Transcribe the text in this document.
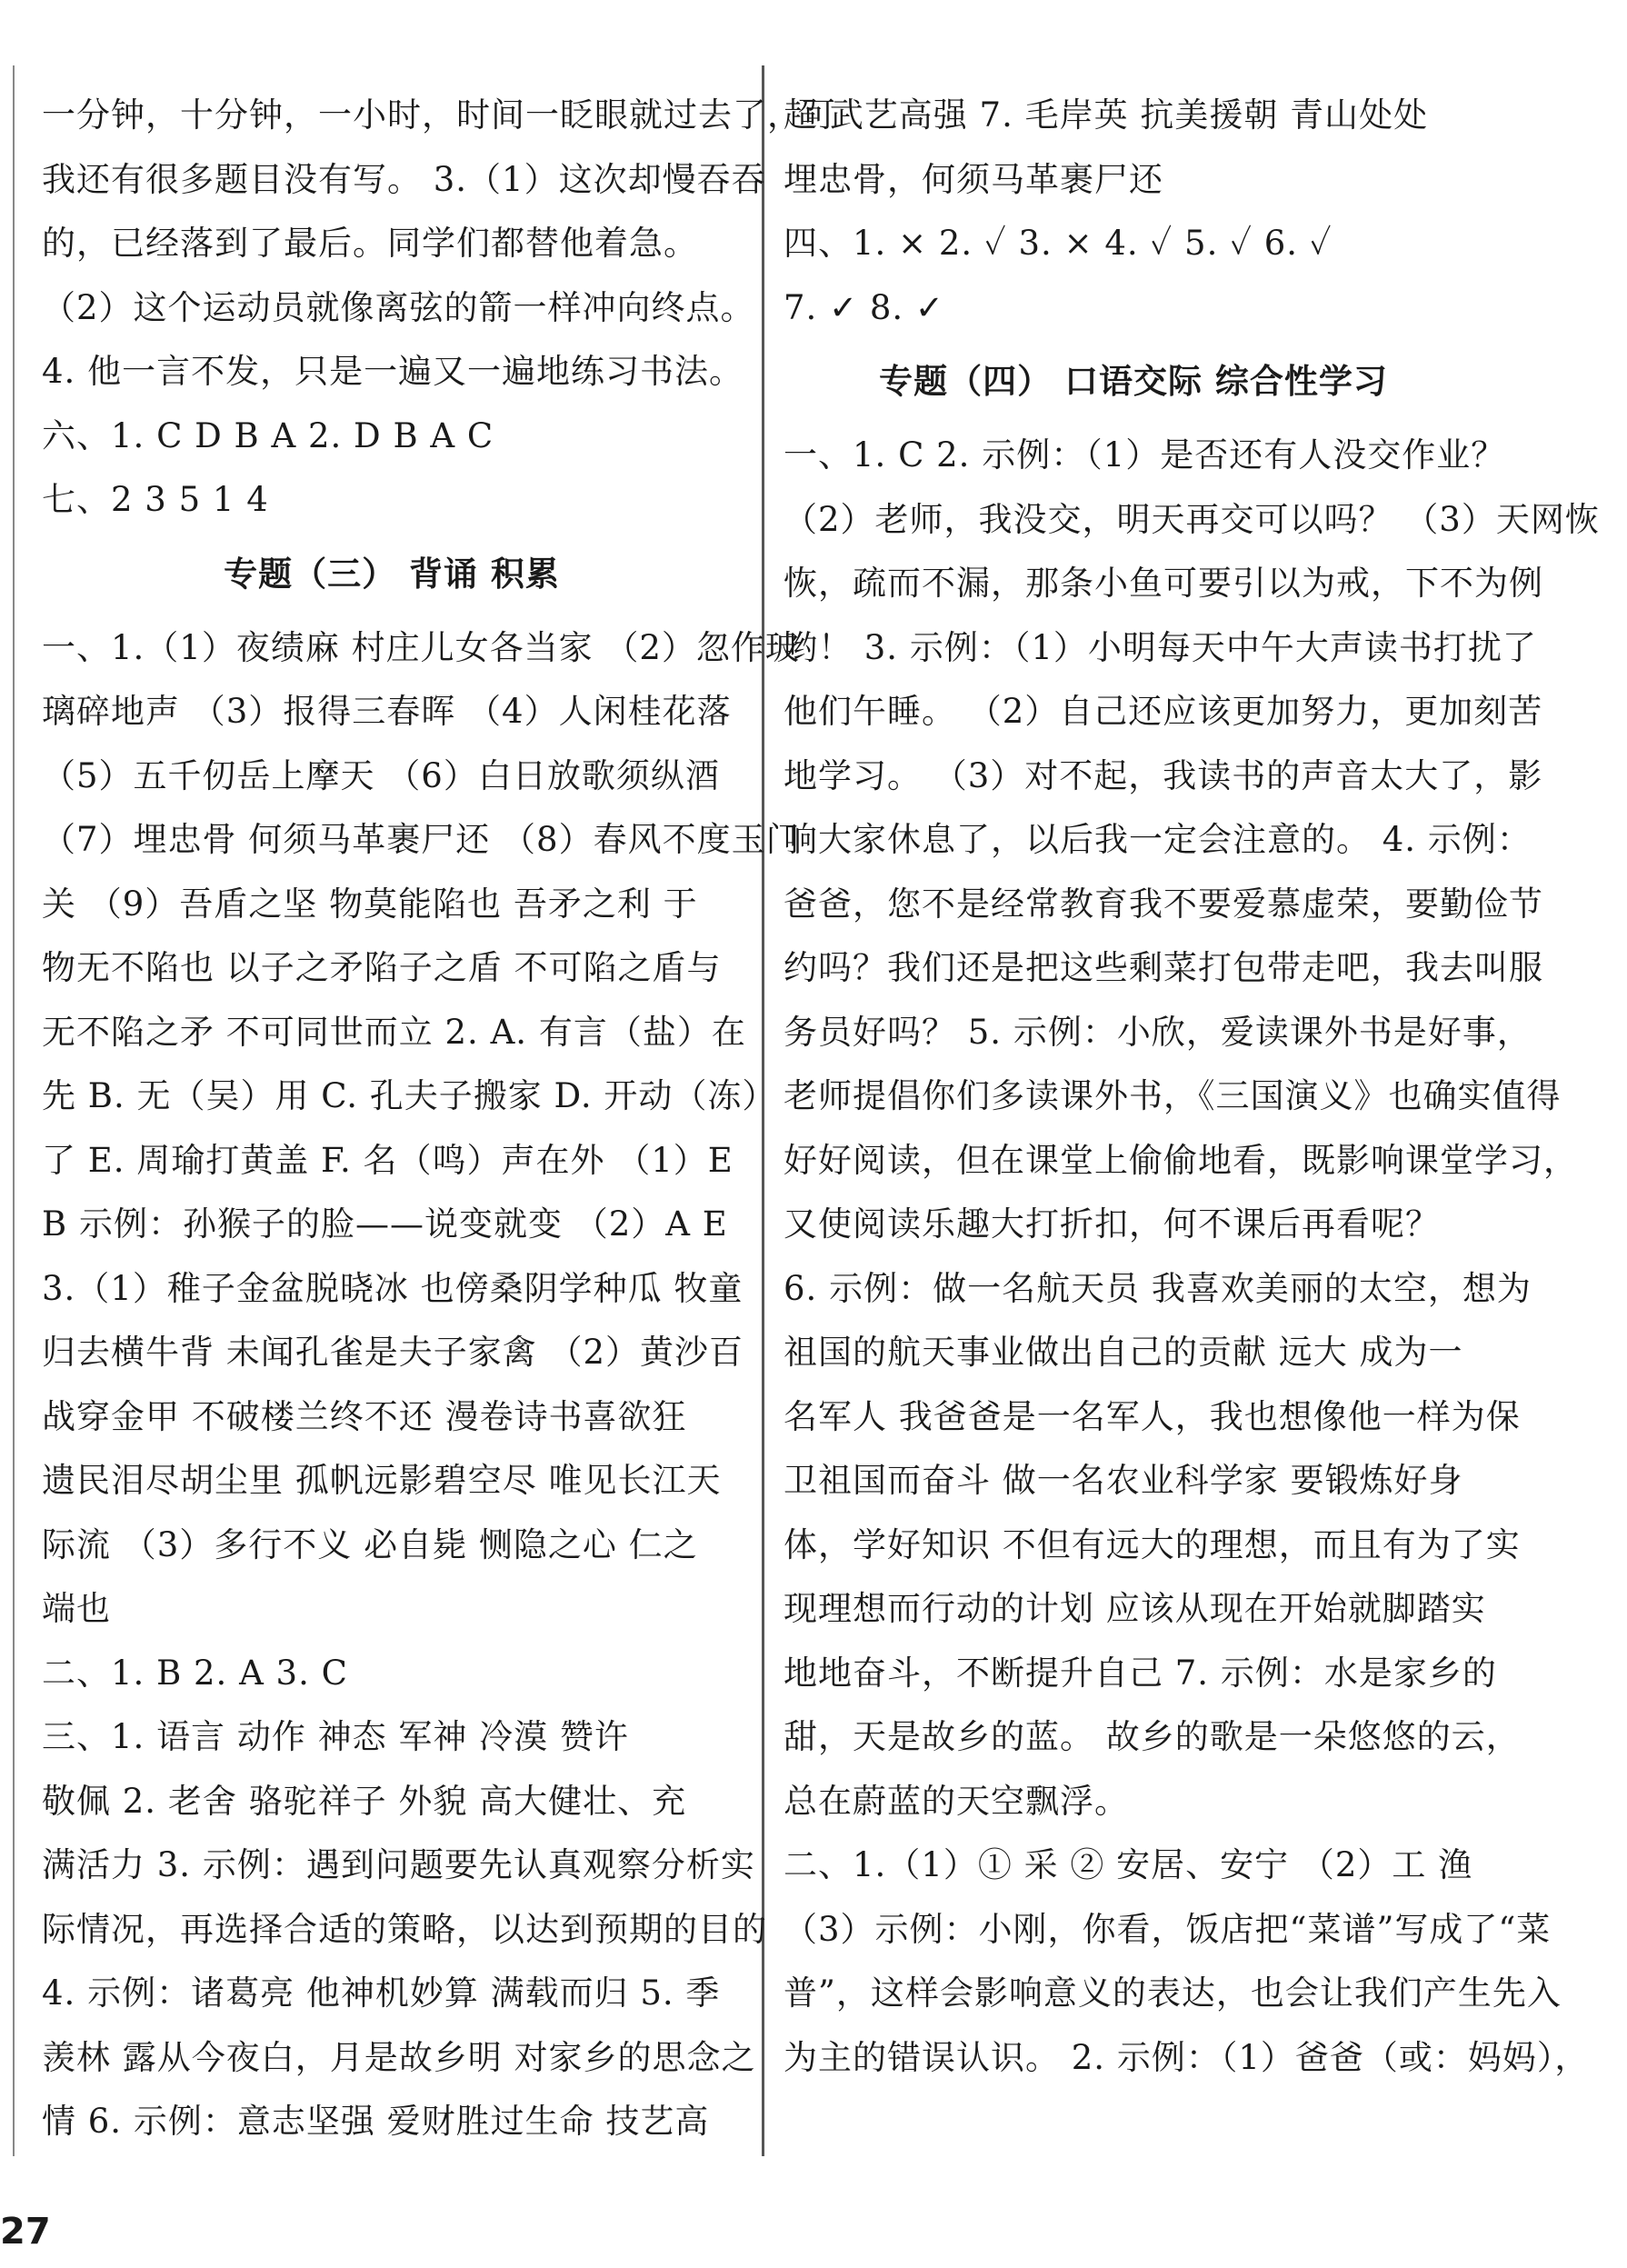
一分钟，十分钟，一小时，时间一眨眼就过去了，可
我还有很多题目没有写。 3.（1）这次却慢吞吞
的，已经落到了最后。同学们都替他着急。
（2）这个运动员就像离弦的箭一样冲向终点。
4. 他一言不发，只是一遍又一遍地练习书法。
六、1. C D B A 2. D B A C
七、2 3 5 1 4
专题（三） 背诵 积累
一、1.（1）夜绩麻 村庄儿女各当家 （2）忽作玻
璃碎地声 （3）报得三春晖 （4）人闲桂花落
（5）五千仞岳上摩天 （6）白日放歌须纵酒
（7）埋忠骨 何须马革裹尸还 （8）春风不度玉门
关 （9）吾盾之坚 物莫能陷也 吾矛之利 于
物无不陷也 以子之矛陷子之盾 不可陷之盾与
无不陷之矛 不可同世而立 2. A. 有言（盐）在
先 B. 无（吴）用 C. 孔夫子搬家 D. 开动（冻）
了 E. 周瑜打黄盖 F. 名（鸣）声在外 （1）E
B 示例：孙猴子的脸——说变就变 （2）A E
3.（1）稚子金盆脱晓冰 也傍桑阴学种瓜 牧童
归去横牛背 未闻孔雀是夫子家禽 （2）黄沙百
战穿金甲 不破楼兰终不还 漫卷诗书喜欲狂
遗民泪尽胡尘里 孤帆远影碧空尽 唯见长江天
际流 （3）多行不义 必自毙 恻隐之心 仁之
端也
二、1. B 2. A 3. C
三、1. 语言 动作 神态 军神 冷漠 赞许
敬佩 2. 老舍 骆驼祥子 外貌 高大健壮、充
满活力 3. 示例：遇到问题要先认真观察分析实
际情况，再选择合适的策略，以达到预期的目的
4. 示例：诸葛亮 他神机妙算 满载而归 5. 季
羡林 露从今夜白，月是故乡明 对家乡的思念之
情 6. 示例：意志坚强 爱财胜过生命 技艺高
超 武艺高强 7. 毛岸英 抗美援朝 青山处处
埋忠骨，何须马革裹尸还
四、1. × 2. ✓ 3. × 4. ✓ 5. ✓ 6. ✓
7. ✓ 8. ✓
专题（四） 口语交际 综合性学习
一、1. C 2. 示例：（1）是否还有人没交作业？
（2）老师，我没交，明天再交可以吗？ （3）天网恢
恢，疏而不漏，那条小鱼可要引以为戒，下不为例
哟！ 3. 示例：（1）小明每天中午大声读书打扰了
他们午睡。 （2）自己还应该更加努力，更加刻苦
地学习。 （3）对不起，我读书的声音太大了，影
响大家休息了，以后我一定会注意的。 4. 示例：
爸爸，您不是经常教育我不要爱慕虚荣，要勤俭节
约吗？我们还是把这些剩菜打包带走吧，我去叫服
务员好吗？ 5. 示例：小欣，爱读课外书是好事，
老师提倡你们多读课外书，《三国演义》也确实值得
好好阅读，但在课堂上偷偷地看，既影响课堂学习，
又使阅读乐趣大打折扣，何不课后再看呢？
6. 示例：做一名航天员 我喜欢美丽的太空，想为
祖国的航天事业做出自己的贡献 远大 成为一
名军人 我爸爸是一名军人，我也想像他一样为保
卫祖国而奋斗 做一名农业科学家 要锻炼好身
体，学好知识 不但有远大的理想，而且有为了实
现理想而行动的计划 应该从现在开始就脚踏实
地地奋斗，不断提升自己 7. 示例：水是家乡的
甜，天是故乡的蓝。 故乡的歌是一朵悠悠的云，
总在蔚蓝的天空飘浮。
二、1.（1）① 采 ② 安居、安宁 （2）工 渔
（3）示例：小刚，你看，饭店把“菜谱”写成了“菜
普”，这样会影响意义的表达，也会让我们产生先入
为主的错误认识。 2. 示例：（1）爸爸（或：妈妈），
27
